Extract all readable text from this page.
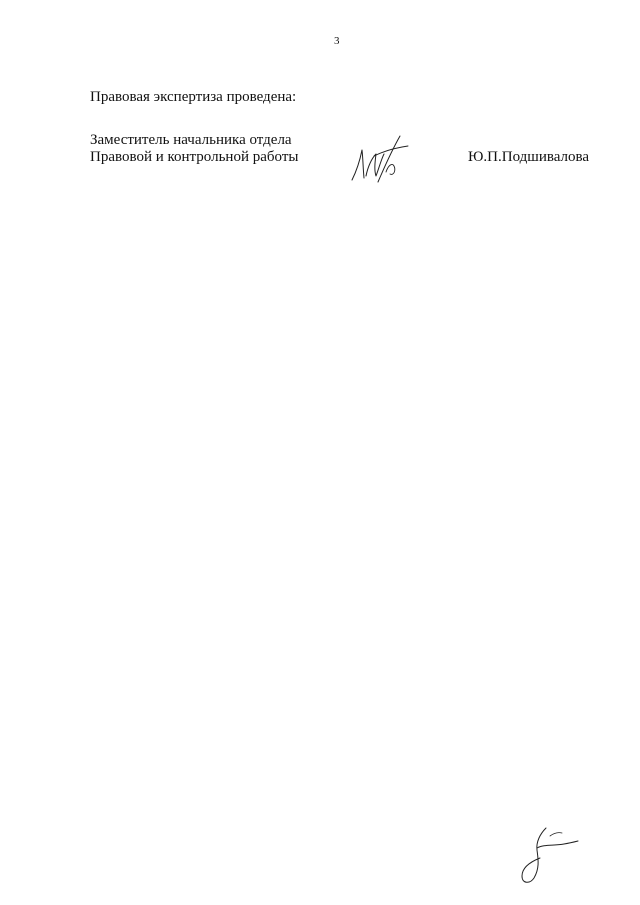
3
Правовая экспертиза проведена:
Заместитель начальника отдела
Правовой и контрольной работы	Ю.П.Подшивалова
